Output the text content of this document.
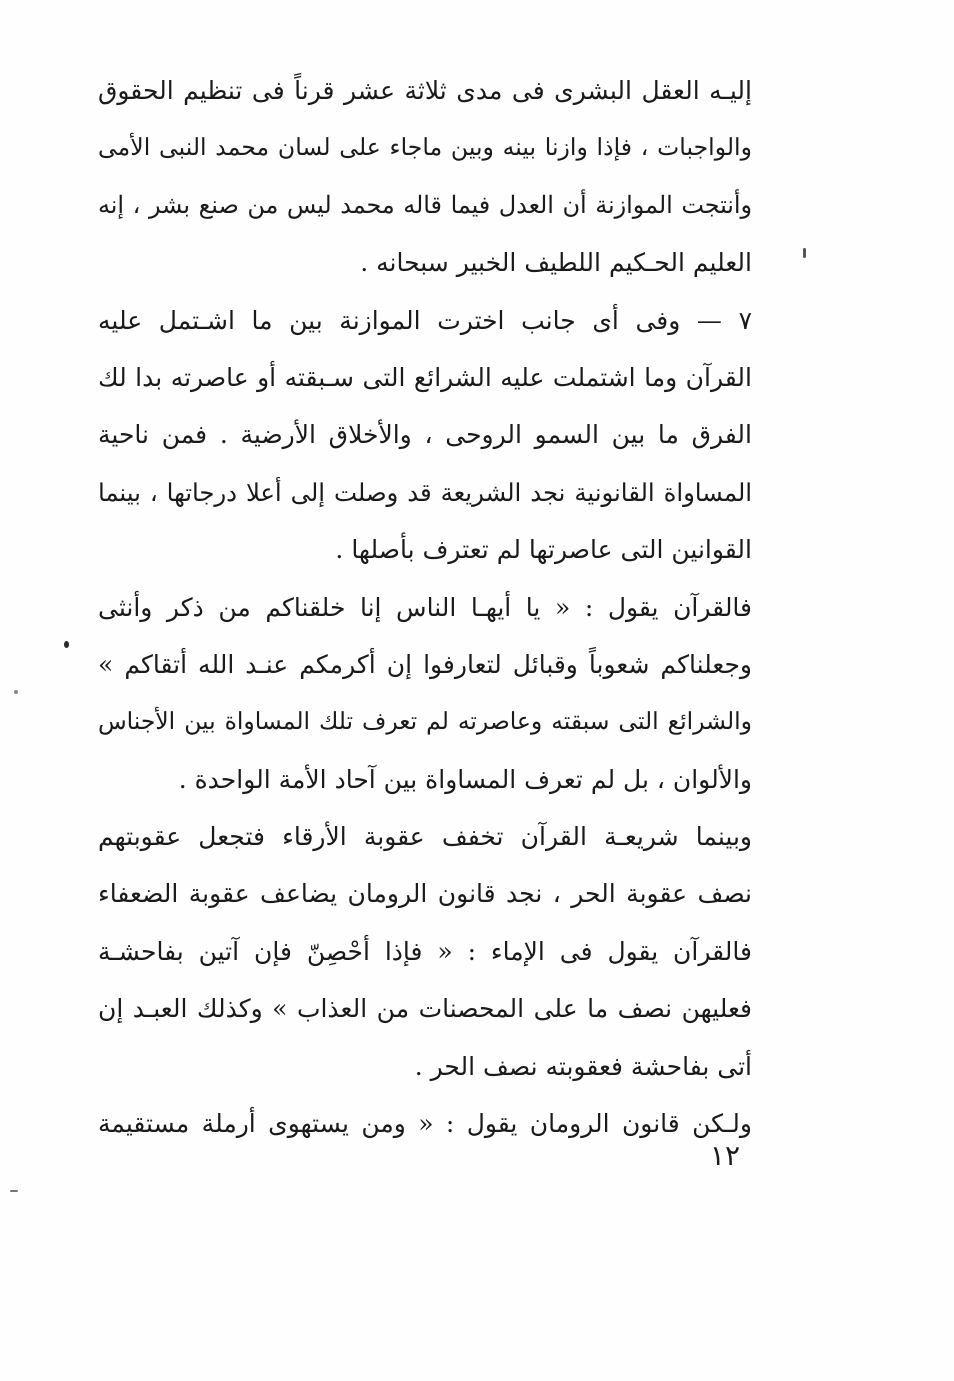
إليـه العقل البشرى فى مدى ثلاثة عشر قرناً فى تنظيم الحقوق
والواجبات ، فإذا وازنا بينه وبين ماجاء على لسان محمد النبى الأمى
وأنتجت الموازنة أن العدل فيما قاله محمد ليس من صنع بشر ، إنه
العليم الحـكيم اللطيف الخبير سبحانه .
٧ — وفى أى جانب اخترت الموازنة بين ما اشـتمل عليه
القرآن وما اشتملت عليه الشرائع التى سـبقته أو عاصرته بدا لك
الفرق ما بين السمو الروحى ، والأخلاق الأرضية . فمن ناحية
المساواة القانونية نجد الشريعة قد وصلت إلى أعلا درجاتها ، بينما
القوانين التى عاصرتها لم تعترف بأصلها .
فالقرآن يقول : « يا أيهـا الناس إنا خلقناكم من ذكر وأنثى
وجعلناكم شعوباً وقبائل لتعارفوا إن أكرمكم عنـد الله أتقاكم »
والشرائع التى سبقته وعاصرته لم تعرف تلك المساواة بين الأجناس
والألوان ، بل لم تعرف المساواة بين آحاد الأمة الواحدة .
وبينما شريعـة القرآن تخفف عقوبة الأرقاء فتجعل عقوبتهم
نصف عقوبة الحر ، نجد قانون الرومان يضاعف عقوبة الضعفاء
فالقرآن يقول فى الإماء : « فإذا أحْصِنّ فإن آتين بفاحشـة
فعليهن نصف ما على المحصنات من العذاب » وكذلك العبـد إن
أتى بفاحشة فعقوبته نصف الحر .
ولـكن قانون الرومان يقول : « ومن يستهوى أرملة مستقيمة
١٢
